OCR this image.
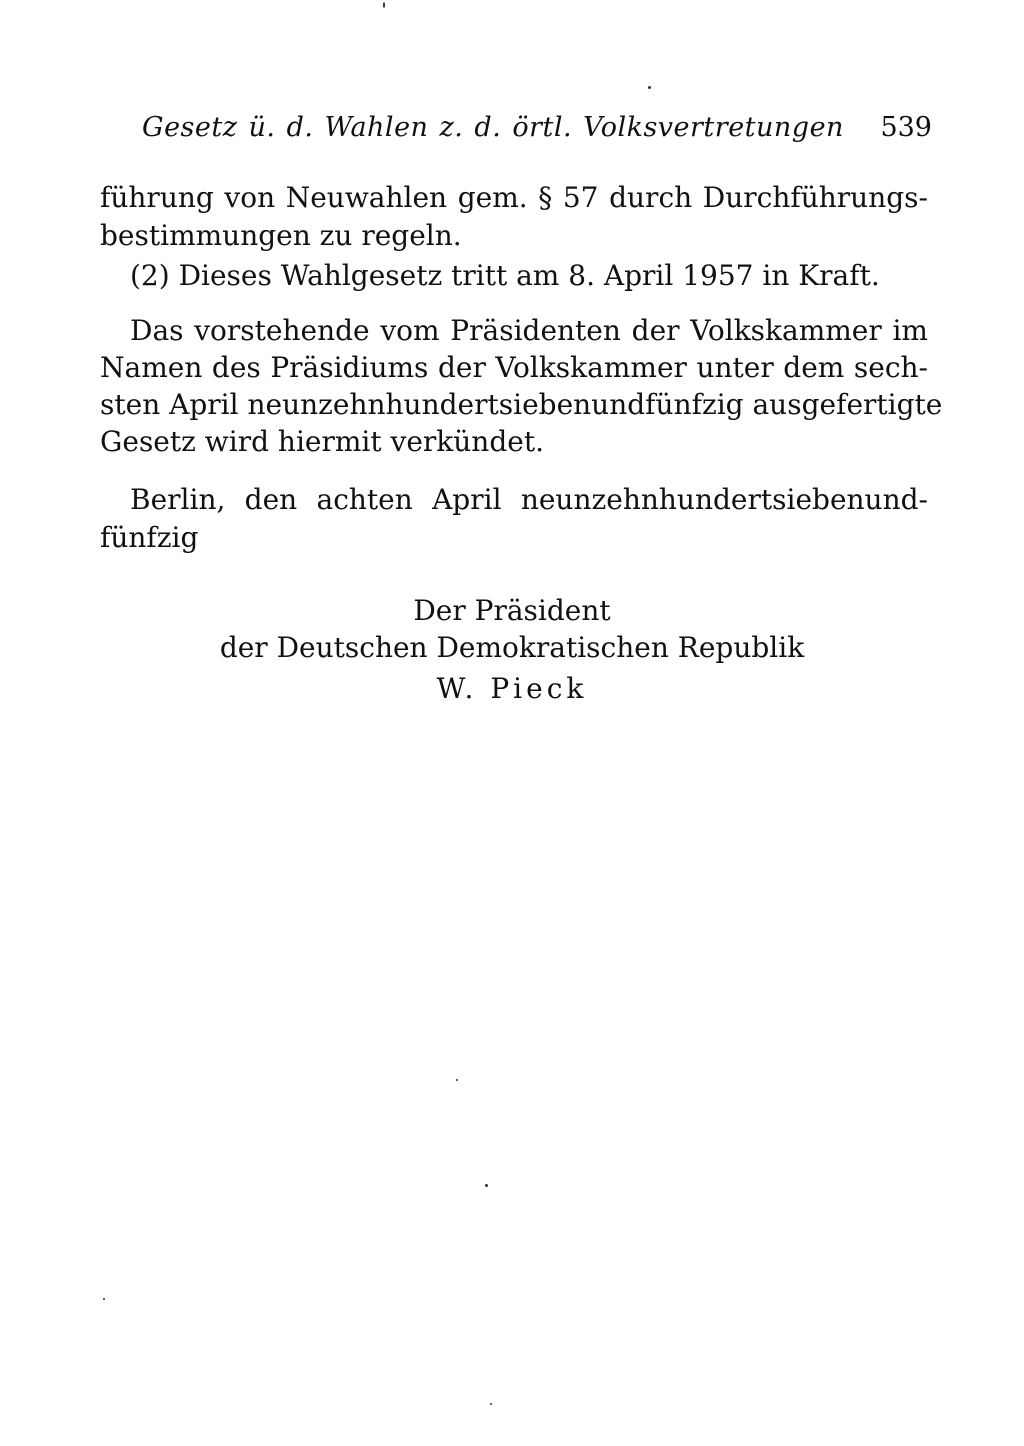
Gesetz ü. d. Wahlen z. d. örtl. Volksvertretungen 539
führung von Neuwahlen gem. § 57 durch Durchführungs-
bestimmungen zu regeln.
(2) Dieses Wahlgesetz tritt am 8. April 1957 in Kraft.
Das vorstehende vom Präsidenten der Volkskammer im
Namen des Präsidiums der Volkskammer unter dem sech-
sten April neunzehnhundertsiebenundfünfzig ausgefertigte
Gesetz wird hiermit verkündet.
Berlin, den achten April neunzehnhundertsiebenund-
fünfzig
Der Präsident
der Deutschen Demokratischen Republik
W. Pieck
